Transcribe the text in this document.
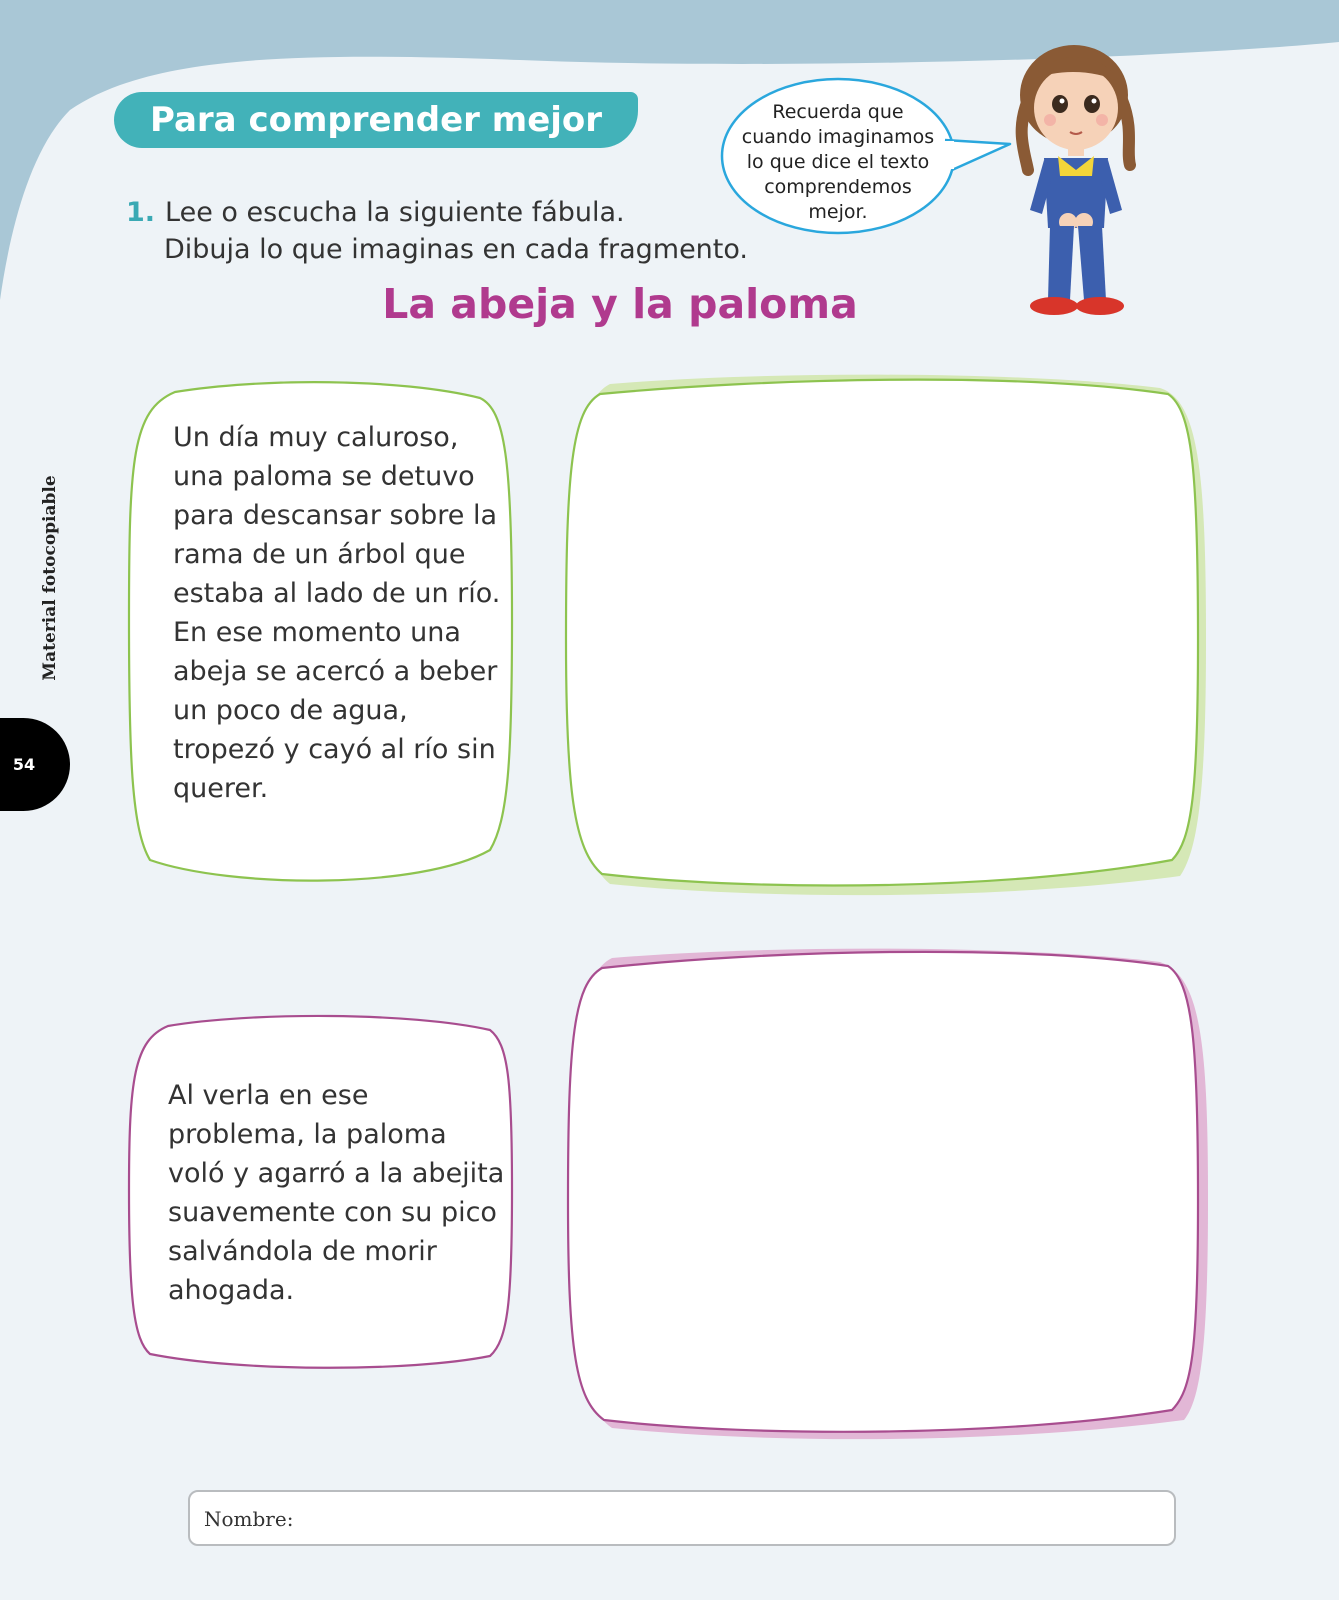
Para comprender mejor	Recuerda que
cuando imaginamos
lo que dice el texto
comprendemos
mejor.
1. Lee o escucha la siguiente fábula.
Dibuja lo que imaginas en cada fragmento.
La abeja y la paloma

Un día muy caluroso, una paloma se detuvo para descansar sobre la rama de un árbol que estaba al lado de un río. En ese momento una abeja se acercó a beber un poco de agua, tropezó y cayó al río sin querer.

Al verla en ese problema, la paloma voló y agarró a la abejita suavemente con su pico salvándola de morir ahogada.

Material fotocopiable
54
Nombre:
